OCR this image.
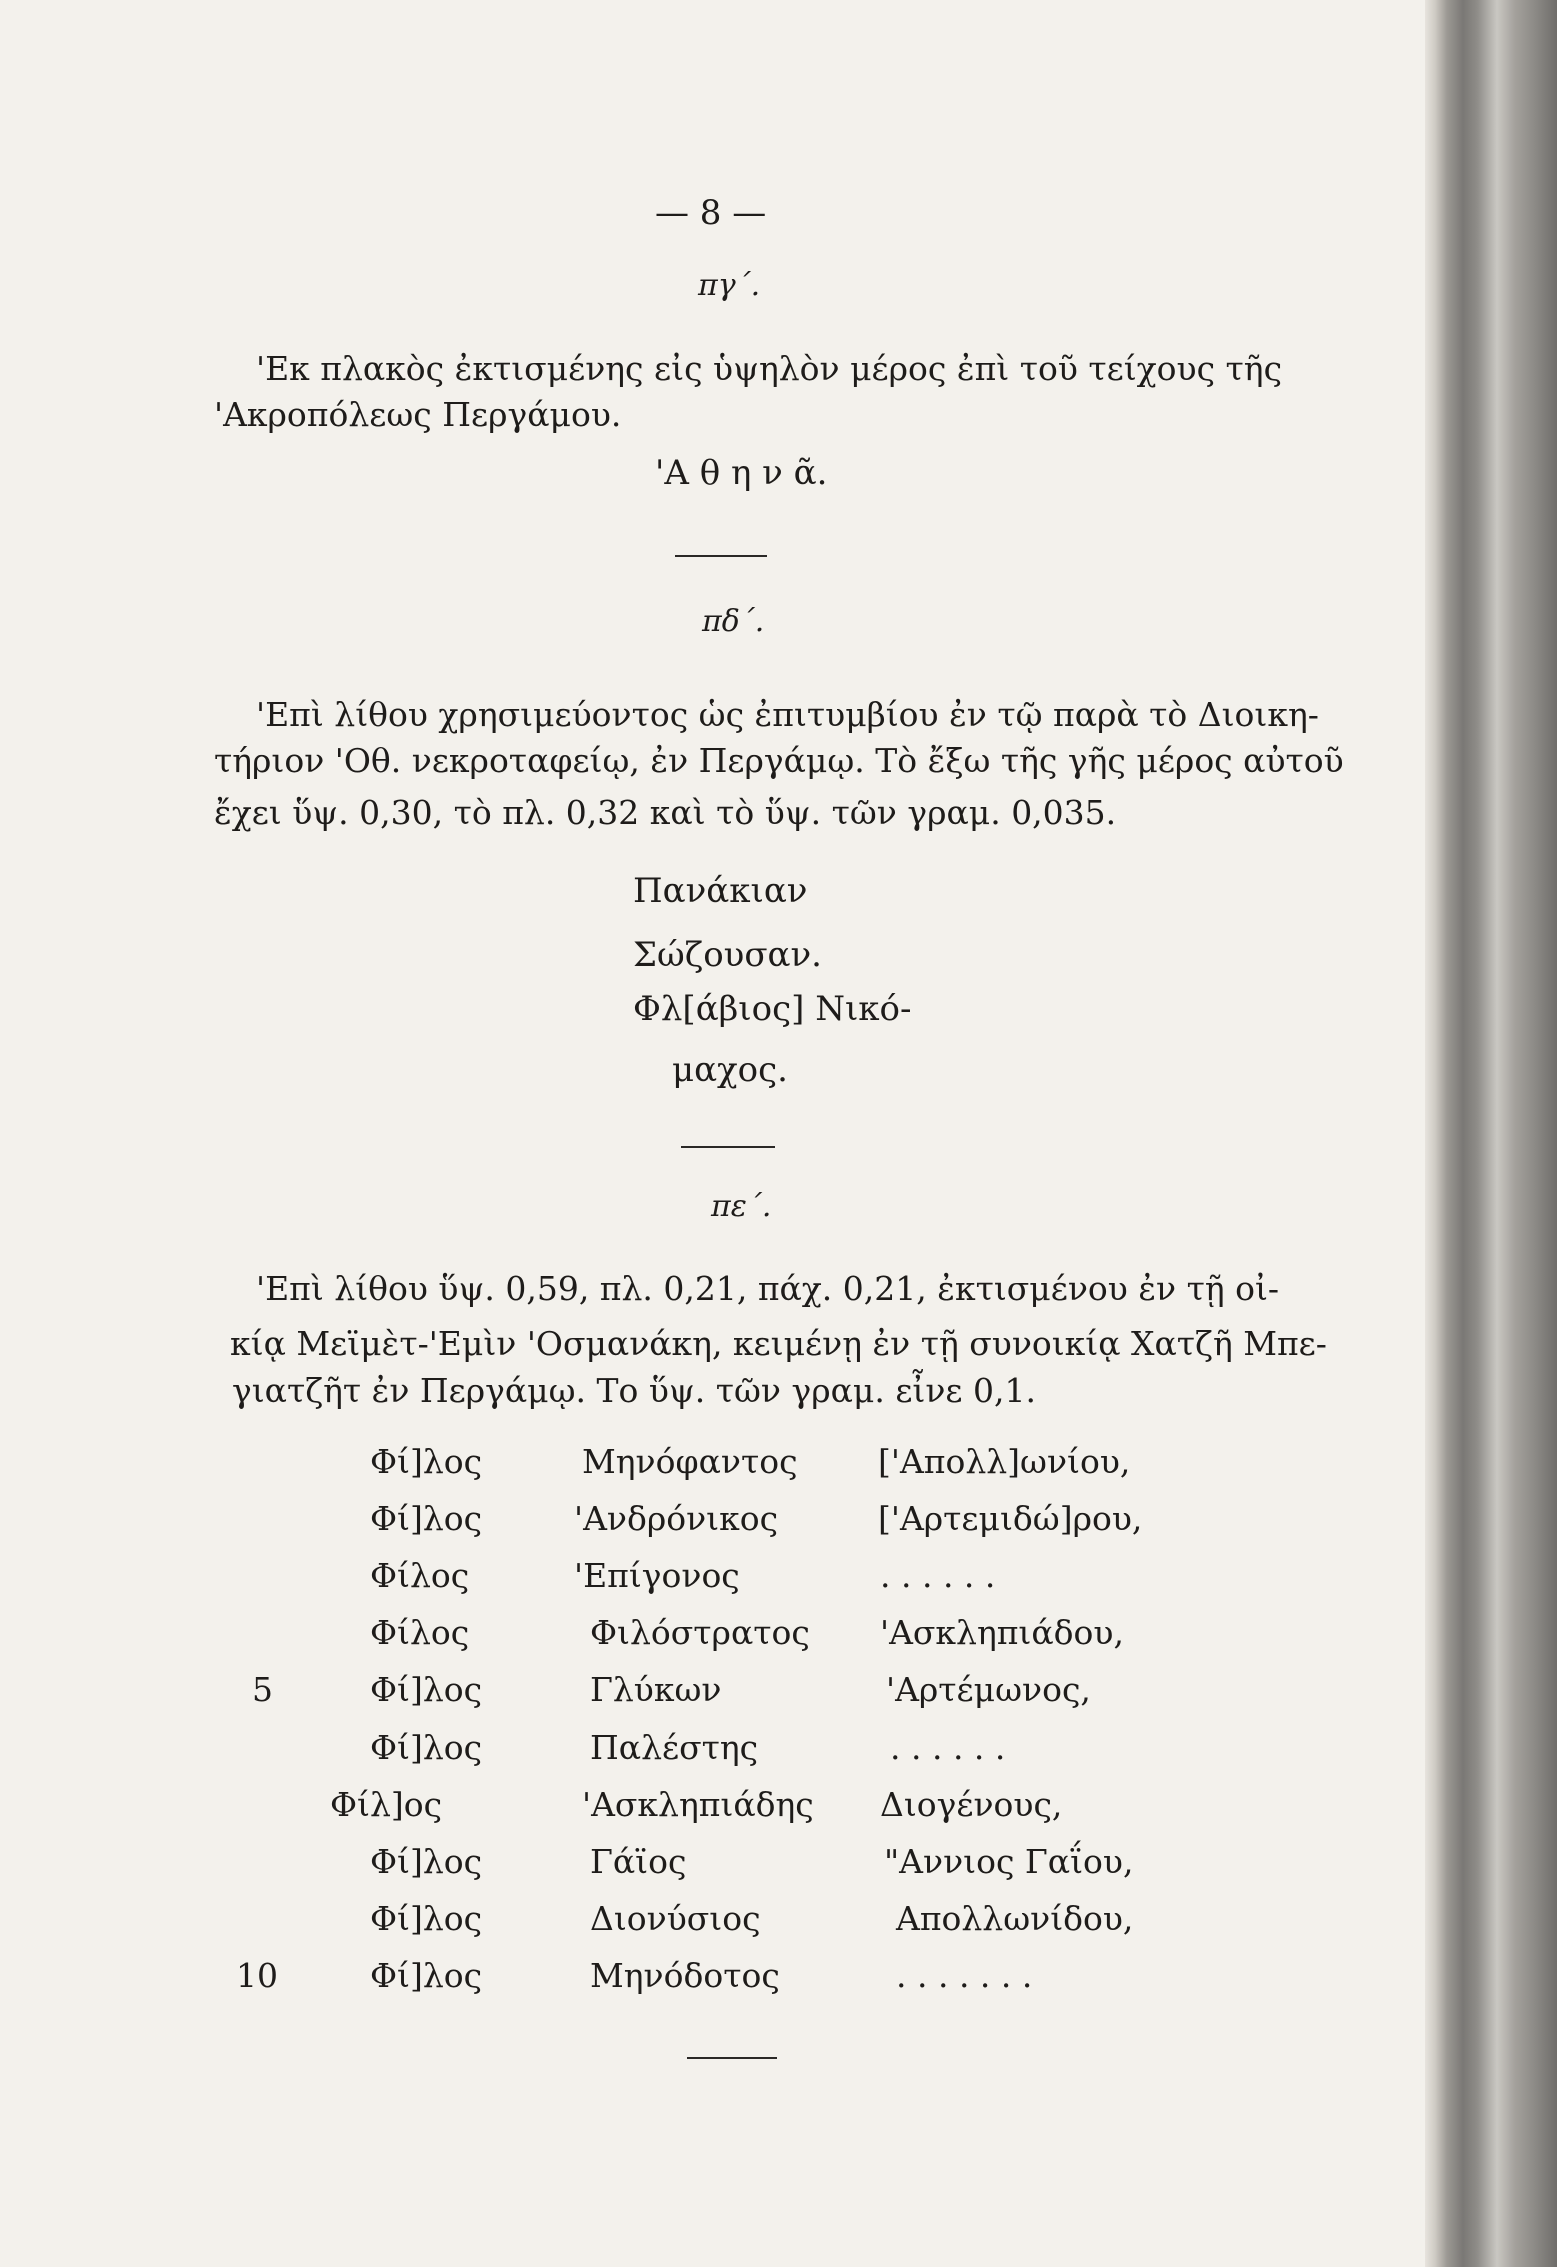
— 8 —
πγ΄.
'Εκ πλακὸς ἐκτισμένης εἰς ὑψηλὸν μέρος ἐπὶ τοῦ τείχους τῆς
'Ακροπόλεως Περγάμου.
'Α θ η ν ᾶ.
πδ΄.
'Επὶ λίθου χρησιμεύοντος ὡς ἐπιτυμβίου ἐν τῷ παρὰ τὸ Διοικη-
τήριον 'Οθ. νεκροταφείῳ, ἐν Περγάμῳ. Τὸ ἔξω τῆς γῆς μέρος αὐτοῦ
ἔχει ὕψ. 0,30, τὸ πλ. 0,32 καὶ τὸ ὕψ. τῶν γραμ. 0,035.
Πανάκιαν
Σώζουσαν.
Φλ[άβιος] Νικό-
μαχος.
πε΄.
'Επὶ λίθου ὕψ. 0,59, πλ. 0,21, πάχ. 0,21, ἐκτισμένου ἐν τῇ οἰ-
κίᾳ Μεϊμὲτ-'Εμὶν 'Οσμανάκη, κειμένῃ ἐν τῇ συνοικίᾳ Χατζῆ Μπε-
γιατζῆτ ἐν Περγάμῳ. Το ὕψ. τῶν γραμ. εἶνε 0,1.
Φί]λος	Μηνόφαντος ['Απολλ]ωνίου,
Φί]λος	'Ανδρόνικος	['Αρτεμιδώ]ρου,
Φίλος	'Επίγονος	. . . . . .
Φίλος	Φιλόστρατος 'Ασκληπιάδου,
5	Φί]λος	Γλύκων	'Αρτέμωνος,
Φί]λος	Παλέστης	. . . . . .
Φίλ]ος	'Ασκληπιάδης Διογένους,
Φί]λος	Γάϊος	"Αννιος Γαΐου,
Φί]λος	Διονύσιος	Απολλωνίδου,
10	Φί]λος	Μηνόδοτος	. . . . . . .
